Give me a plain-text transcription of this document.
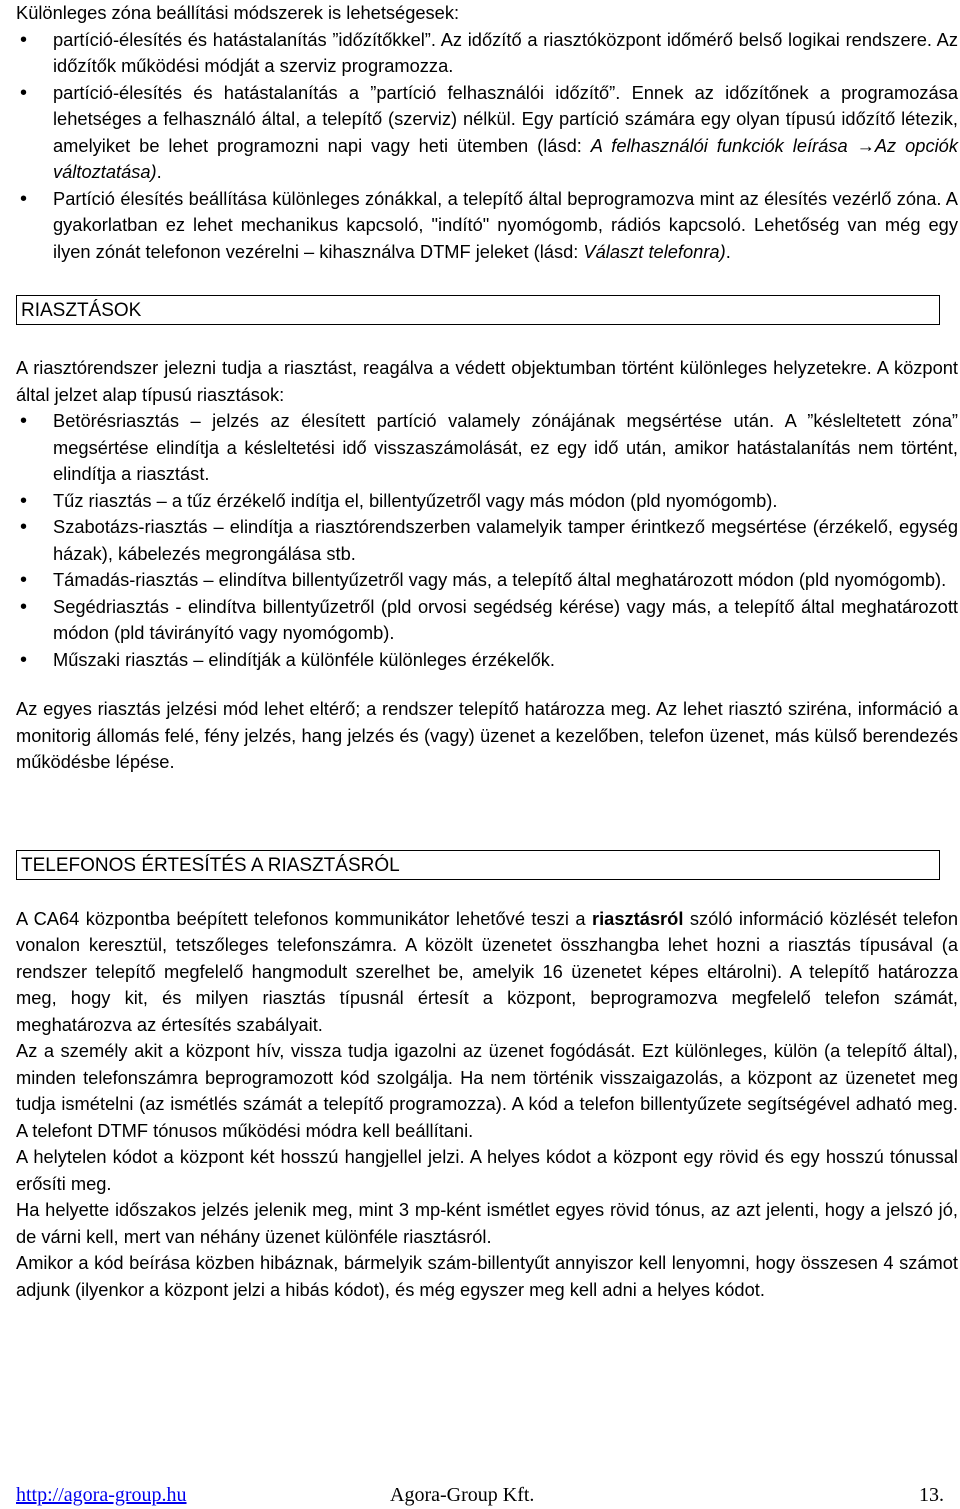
Különleges zóna beállítási módszerek is lehetségesek:

• partíció-élesítés és hatástalanítás ”időzítőkkel”. Az időzítő a riasztóközpont időmérő belső logikai rendszere. Az időzítők működési módját a szerviz programozza.
• partíció-élesítés és hatástalanítás a ”partíció felhasználói időzítő”. Ennek az időzítőnek a programozása lehetséges a felhasználó által, a telepítő (szerviz) nélkül. Egy partíció számára egy olyan típusú időzítő létezik, amelyiket be lehet programozni napi vagy heti ütemben (lásd: A felhasználói funkciók leírása →Az opciók változtatása).
• Partíció élesítés beállítása különleges zónákkal, a telepítő által beprogramozva mint az élesítés vezérlő zóna. A gyakorlatban ez lehet mechanikus kapcsoló, "indító" nyomógomb, rádiós kapcsoló. Lehetőség van még egy ilyen zónát telefonon vezérelni – kihasználva DTMF jeleket (lásd: Választ telefonra).
RIASZTÁSOK

A riasztórendszer jelezni tudja a riasztást, reagálva a védett objektumban történt különleges helyzetekre. A központ által jelzet alap típusú riasztások:

• Betörésriasztás – jelzés az élesített partíció valamely zónájának megsértése után. A ”késleltetett zóna” megsértése elindítja a késleltetési idő visszaszámolását, ez egy idő után, amikor hatástalanítás nem történt, elindítja a riasztást.
• Tűz riasztás – a tűz érzékelő indítja el, billentyűzetről vagy más módon (pld nyomógomb).
• Szabotázs-riasztás – elindítja a riasztórendszerben valamelyik tamper érintkező megsértése (érzékelő, egység házak), kábelezés megrongálása stb.
• Támadás-riasztás – elindítva billentyűzetről vagy más, a telepítő által meghatározott módon (pld nyomógomb).
• Segédriasztás - elindítva billentyűzetről (pld orvosi segédség kérése) vagy más, a telepítő által meghatározott módon (pld távirányító vagy nyomógomb).
• Műszaki riasztás – elindítják a különféle különleges érzékelők.

Az egyes riasztás jelzési mód lehet eltérő; a rendszer telepítő határozza meg. Az lehet riasztó sziréna, információ a monitorig állomás felé, fény jelzés, hang jelzés és (vagy) üzenet a kezelőben, telefon üzenet, más külső berendezés működésbe lépése.

TELEFONOS ÉRTESÍTÉS A RIASZTÁSRÓL

A CA64 központba beépített telefonos kommunikátor lehetővé teszi a riasztásról szóló információ közlését telefon vonalon keresztül, tetszőleges telefonszámra. A közölt üzenetet összhangba lehet hozni a riasztás típusával (a rendszer telepítő megfelelő hangmodult szerelhet be, amelyik 16 üzenetet képes eltárolni). A telepítő határozza meg, hogy kit, és milyen riasztás típusnál értesít a központ, beprogramozva megfelelő telefon számát, meghatározva az értesítés szabályait.

Az a személy akit a központ hív, vissza tudja igazolni az üzenet fogódását. Ezt különleges, külön (a telepítő által), minden telefonszámra beprogramozott kód szolgálja. Ha nem történik visszaigazolás, a központ az üzenetet meg tudja ismételni (az ismétlés számát a telepítő programozza). A kód a telefon billentyűzete segítségével adható meg. A telefont DTMF tónusos működési módra kell beállítani.

A helytelen kódot a központ két hosszú hangjellel jelzi. A helyes kódot a központ egy rövid és egy hosszú tónussal erősíti meg.

Ha helyette időszakos jelzés jelenik meg, mint 3 mp-ként ismétlet egyes rövid tónus, az azt jelenti, hogy a jelszó jó, de várni kell, mert van néhány üzenet különféle riasztásról.

Amikor a kód beírása közben hibáznak, bármelyik szám-billentyűt annyiszor kell lenyomni, hogy összesen 4 számot adjunk (ilyenkor a központ jelzi a hibás kódot), és még egyszer meg kell adni a helyes kódot.

http://agora-group.hu	Agora-Group Kft.	13.
